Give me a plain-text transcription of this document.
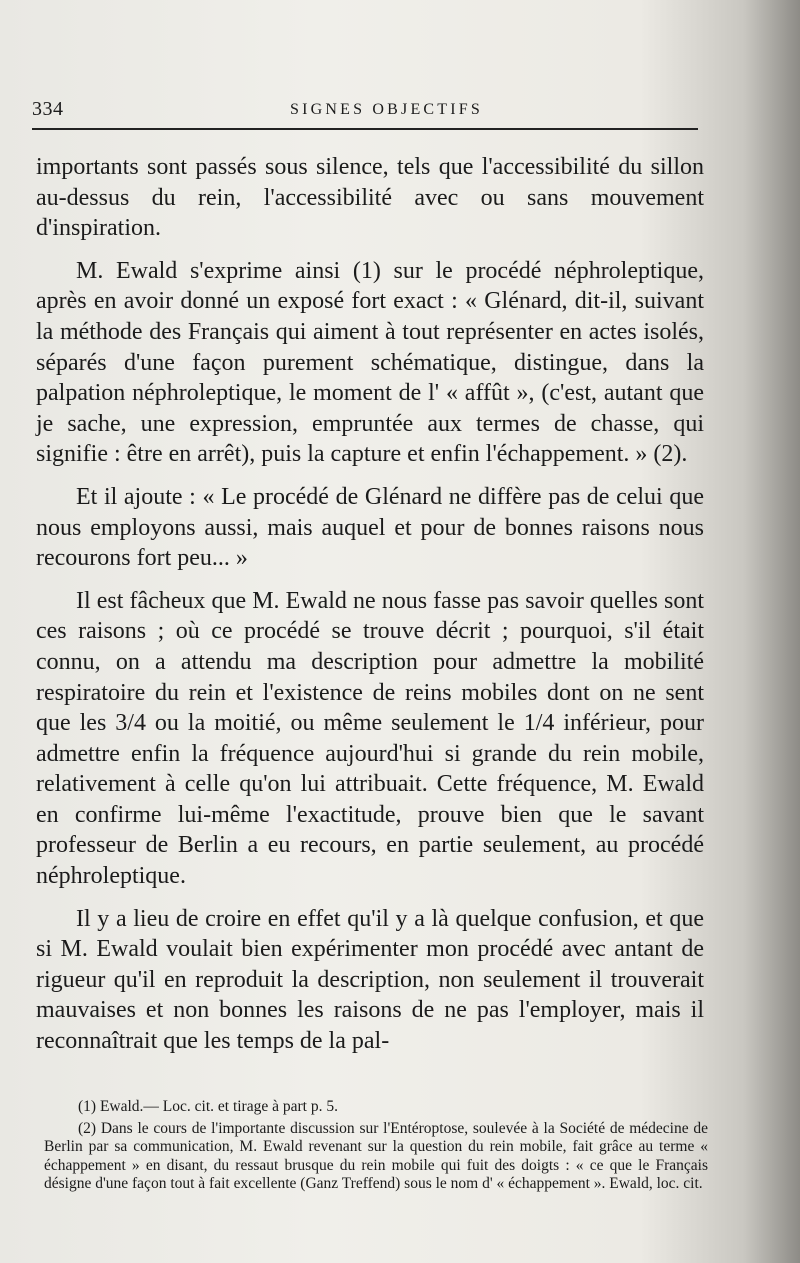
334	SIGNES OBJECTIFS

importants sont passés sous silence, tels que l'accessibilité du sillon au-dessus du rein, l'accessibilité avec ou sans mouvement d'inspiration.

M. Ewald s'exprime ainsi (1) sur le procédé néphroleptique, après en avoir donné un exposé fort exact : « Glénard, dit-il, suivant la méthode des Français qui aiment à tout représenter en actes isolés, séparés d'une façon purement schématique, distingue, dans la palpation néphroleptique, le moment de l' « affût », (c'est, autant que je sache, une expression, empruntée aux termes de chasse, qui signifie : être en arrêt), puis la capture et enfin l'échappement. » (2).

Et il ajoute : « Le procédé de Glénard ne diffère pas de celui que nous employons aussi, mais auquel et pour de bonnes raisons nous recourons fort peu... »

Il est fâcheux que M. Ewald ne nous fasse pas savoir quelles sont ces raisons ; où ce procédé se trouve décrit ; pourquoi, s'il était connu, on a attendu ma description pour admettre la mobilité respiratoire du rein et l'existence de reins mobiles dont on ne sent que les 3/4 ou la moitié, ou même seulement le 1/4 inférieur, pour admettre enfin la fréquence aujourd'hui si grande du rein mobile, relativement à celle qu'on lui attribuait. Cette fréquence, M. Ewald en confirme lui-même l'exactitude, prouve bien que le savant professeur de Berlin a eu recours, en partie seulement, au procédé néphroleptique.

Il y a lieu de croire en effet qu'il y a là quelque confusion, et que si M. Ewald voulait bien expérimenter mon procédé avec antant de rigueur qu'il en reproduit la description, non seulement il trouverait mauvaises et non bonnes les raisons de ne pas l'employer, mais il reconnaîtrait que les temps de la pal-

(1) Ewald.— Loc. cit. et tirage à part p. 5.

(2) Dans le cours de l'importante discussion sur l'Entéroptose, soulevée à la Société de médecine de Berlin par sa communication, M. Ewald revenant sur la question du rein mobile, fait grâce au terme « échappement » en disant, du ressaut brusque du rein mobile qui fuit des doigts : « ce que le Français désigne d'une façon tout à fait excellente (Ganz Treffend) sous le nom d' « échappement ». Ewald, loc. cit.
